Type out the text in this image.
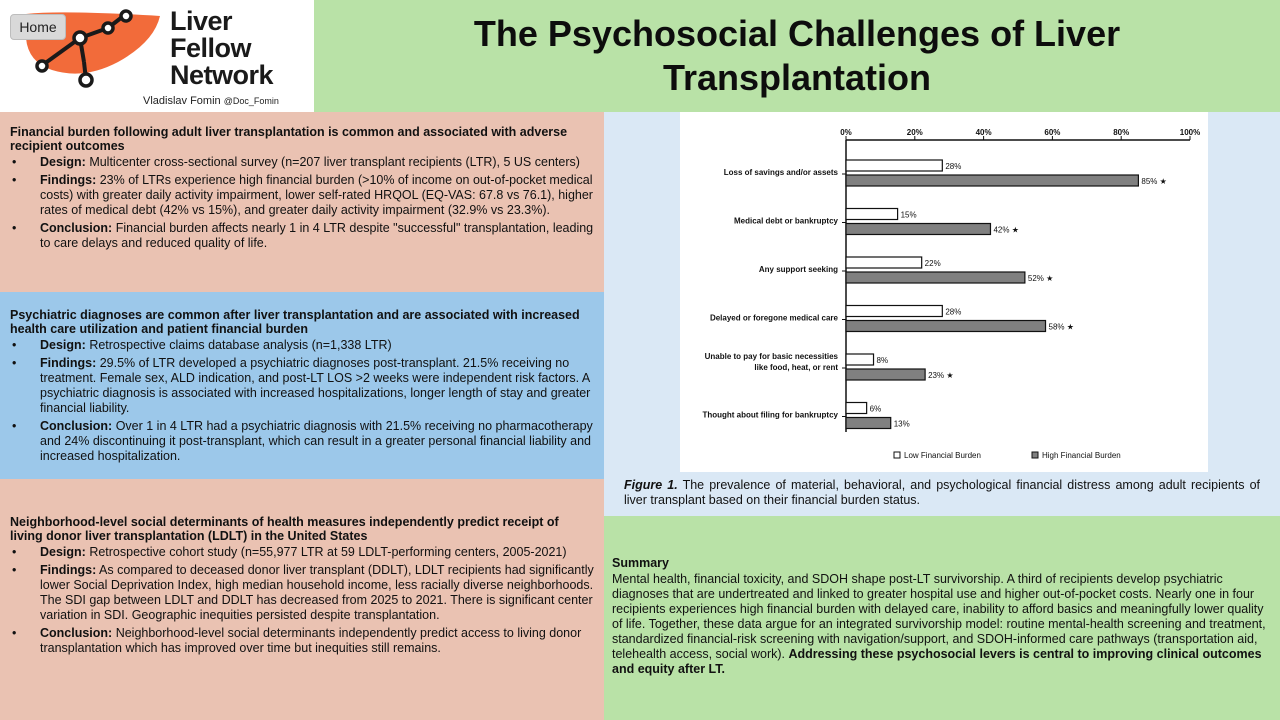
Home	Liver
Fellow
Network
Vladislav Fomin @Doc_Fomin
The Psychosocial Challenges of Liver Transplantation
Financial burden following adult liver transplantation is common and associated with adverse recipient outcomes
• Design: Multicenter cross-sectional survey (n=207 liver transplant recipients (LTR), 5 US centers)
• Findings: 23% of LTRs experience high financial burden (>10% of income on out-of-pocket medical costs) with greater daily activity impairment, lower self-rated HRQOL (EQ-VAS: 67.8 vs 76.1), higher rates of medical debt (42% vs 15%), and greater daily activity impairment (32.9% vs 23.3%).
• Conclusion: Financial burden affects nearly 1 in 4 LTR despite "successful" transplantation, leading to care delays and reduced quality of life.
Psychiatric diagnoses are common after liver transplantation and are associated with increased health care utilization and patient financial burden
• Design: Retrospective claims database analysis (n=1,338 LTR)
• Findings: 29.5% of LTR developed a psychiatric diagnoses post-transplant. 21.5% receiving no treatment. Female sex, ALD indication, and post-LT LOS >2 weeks were independent risk factors. A psychiatric diagnosis is associated with increased hospitalizations, longer length of stay and greater financial liability.
• Conclusion: Over 1 in 4 LTR had a psychiatric diagnosis with 21.5% receiving no pharmacotherapy and 24% discontinuing it post-transplant, which can result in a greater personal financial liability and increased hospitalization.
Neighborhood-level social determinants of health measures independently predict receipt of living donor liver transplantation (LDLT) in the United States
• Design: Retrospective cohort study (n=55,977 LTR at 59 LDLT-performing centers, 2005-2021)
• Findings: As compared to deceased donor liver transplant (DDLT), LDLT recipients had significantly lower Social Deprivation Index, high median household income, less racially diverse neighborhoods. The SDI gap between LDLT and DDLT has decreased from 2025 to 2021. There is significant center variation in SDI. Geographic inequities persisted despite transplantation.
• Conclusion: Neighborhood-level social determinants independently predict access to living donor transplantation which has improved over time but inequities still remains.
0%	20%	40%	60%	80%	100%
Loss of savings and/or assets
28%
85% ★
Medical debt or bankruptcy
15%
42% ★
Any support seeking
22%
52% ★
Delayed or foregone medical care
28%
58% ★
Unable to pay for basic necessities
like food, heat, or rent
8%
23% ★
Thought about filing for bankruptcy
6%
13%
Low Financial Burden	High Financial Burden
Figure 1. The prevalence of material, behavioral, and psychological financial distress among adult recipients of liver transplant based on their financial burden status.
Summary

Mental health, financial toxicity, and SDOH shape post-LT survivorship. A third of recipients develop psychiatric diagnoses that are undertreated and linked to greater hospital use and higher out-of-pocket costs. Nearly one in four recipients experiences high financial burden with delayed care, inability to afford basics and meaningfully lower quality of life. Together, these data argue for an integrated survivorship model: routine mental-health screening and treatment, standardized financial-risk screening with navigation/support, and SDOH-informed care pathways (transportation aid, telehealth access, social work). Addressing these psychosocial levers is central to improving clinical outcomes and equity after LT.
